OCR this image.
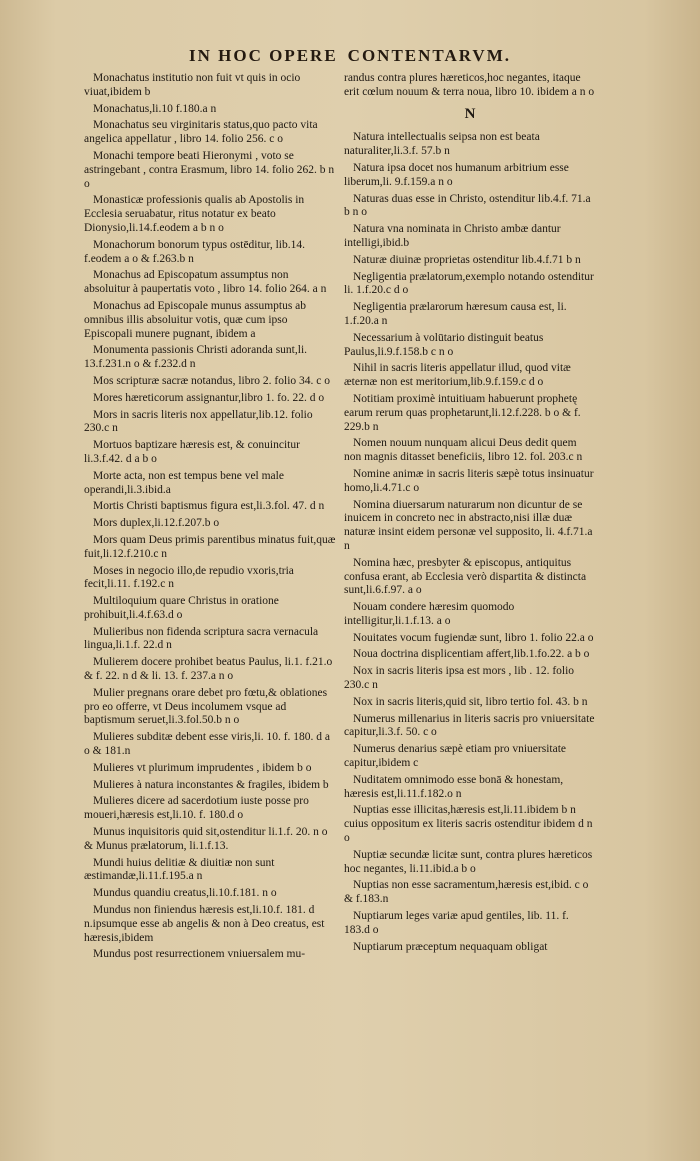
IN HOC OPERE CONTENTARVM.
Monachatus institutio non fuit vt quis in ocio viuat,ibidem b
Monachatus,li.10 f.180.a n
Monachatus seu virginitaris status,quo pacto vita angelica appellatur , libro 14. folio 256. c o
Monachi tempore beati Hieronymi , voto se astringebant , contra Erasmum, libro 14. folio 262. b n o
Monasticæ professionis qualis ab Apostolis in Ecclesia seruabatur, ritus notatur ex beato Dionysio,li.14.f.eodem a b n o
Monachorum bonorum typus ostēditur, lib.14. f.eodem a o & f.263.b n
Monachus ad Episcopatum assumptus non absoluitur à paupertatis voto , libro 14. folio 264. a n
Monachus ad Episcopale munus assumptus ab omnibus illis absoluitur votis, quæ cum ipso Episcopali munere pugnant, ibidem a
Monumenta passionis Christi adoranda sunt,li. 13.f.231.n o & f.232.d n
Mos scripturæ sacræ notandus, libro 2. folio 34. c o
Mores hæreticorum assignantur,libro 1. fo. 22. d o
Mors in sacris literis nox appellatur,lib.12. folio 230.c n
Mortuos baptizare hæresis est, & conuincitur li.3.f.42. d a b o
Morte acta, non est tempus bene vel male operandi,li.3.ibid.a
Mortis Christi baptismus figura est,li.3.fol. 47. d n
Mors duplex,li.12.f.207.b o
Mors quam Deus primis parentibus minatus fuit,quæ fuit,li.12.f.210.c n
Moses in negocio illo,de repudio vxoris,tria fecit,li.11. f.192.c n
Multiloquium quare Christus in oratione prohibuit,li.4.f.63.d o
Mulieribus non fidenda scriptura sacra vernacula lingua,li.1.f. 22.d n
Mulierem docere prohibet beatus Paulus, li.1. f.21.o & f. 22. n d & li. 13. f. 237.a n o
Mulier pregnans orare debet pro fœtu,& oblationes pro eo offerre, vt Deus incolumem vsque ad baptismum seruet,li.3.fol.50.b n o
Mulieres subditæ debent esse viris,li. 10. f. 180. d a o & 181.n
Mulieres vt plurimum imprudentes , ibidem b o
Mulieres à natura inconstantes & fragiles, ibidem b
Mulieres dicere ad sacerdotium iuste posse pro moueri,hæresis est,li.10. f. 180.d o
Munus inquisitoris quid sit,ostenditur li.1.f. 20. n o & Munus prælatorum, li.1.f.13.
Mundi huius delitiæ & diuitiæ non sunt æstimandæ,li.11.f.195.a n
Mundus quandiu creatus,li.10.f.181. n o
Mundus non finiendus hæresis est,li.10.f. 181. d n.ipsumque esse ab angelis & non à Deo creatus, est hæresis,ibidem
Mundus post resurrectionem vniuersalem mu-
randus contra plures hæreticos,hoc negantes, itaque erit cœlum nouum & terra noua, libro 10. ibidem a n o
N
Natura intellectualis seipsa non est beata naturaliter,li.3.f. 57.b n
Natura ipsa docet nos humanum arbitrium esse liberum,li. 9.f.159.a n o
Naturas duas esse in Christo, ostenditur lib.4.f. 71.a b n o
Natura vna nominata in Christo ambæ dantur intelligi,ibid.b
Naturæ diuinæ proprietas ostenditur lib.4.f.71 b n
Negligentia prælatorum,exemplo notando ostenditur li. 1.f.20.c d o
Negligentia prælarorum hæresum causa est, li. 1.f.20.a n
Necessarium à volūtario distinguit beatus Paulus,li.9.f.158.b c n o
Nihil in sacris literis appellatur illud, quod vitæ æternæ non est meritorium,lib.9.f.159.c d o
Notitiam proximè intuitiuam habuerunt prophetę earum rerum quas prophetarunt,li.12.f.228. b o & f. 229.b n
Nomen nouum nunquam alicui Deus dedit quem non magnis ditasset beneficiis, libro 12. fol. 203.c n
Nomine animæ in sacris literis sæpè totus insinuatur homo,li.4.71.c o
Nomina diuersarum naturarum non dicuntur de se inuicem in concreto nec in abstracto,nisi illæ duæ naturæ insint eidem personæ vel supposito, li. 4.f.71.a n
Nomina hæc, presbyter & episcopus, antiquitus confusa erant, ab Ecclesia verò dispartita & distincta sunt,li.6.f.97. a o
Nouam condere hæresim quomodo intelligitur,li.1.f.13. a o
Nouitates vocum fugiendæ sunt, libro 1. folio 22.a o
Noua doctrina displicentiam affert,lib.1.fo.22. a b o
Nox in sacris literis ipsa est mors , lib . 12. folio 230.c n
Nox in sacris literis,quid sit, libro tertio fol. 43. b n
Numerus millenarius in literis sacris pro vniuersitate capitur,li.3.f. 50. c o
Numerus denarius sæpè etiam pro vniuersitate capitur,ibidem c
Nuditatem omnimodo esse bonā & honestam, hæresis est,li.11.f.182.o n
Nuptias esse illicitas,hæresis est,li.11.ibidem b n cuius oppositum ex literis sacris ostenditur ibidem d n o
Nuptiæ secundæ licitæ sunt, contra plures hæreticos hoc negantes, li.11.ibid.a b o
Nuptias non esse sacramentum,hæresis est,ibid. c o & f.183.n
Nuptiarum leges variæ apud gentiles, lib. 11. f. 183.d o
Nuptiarum præceptum nequaquam obligat
